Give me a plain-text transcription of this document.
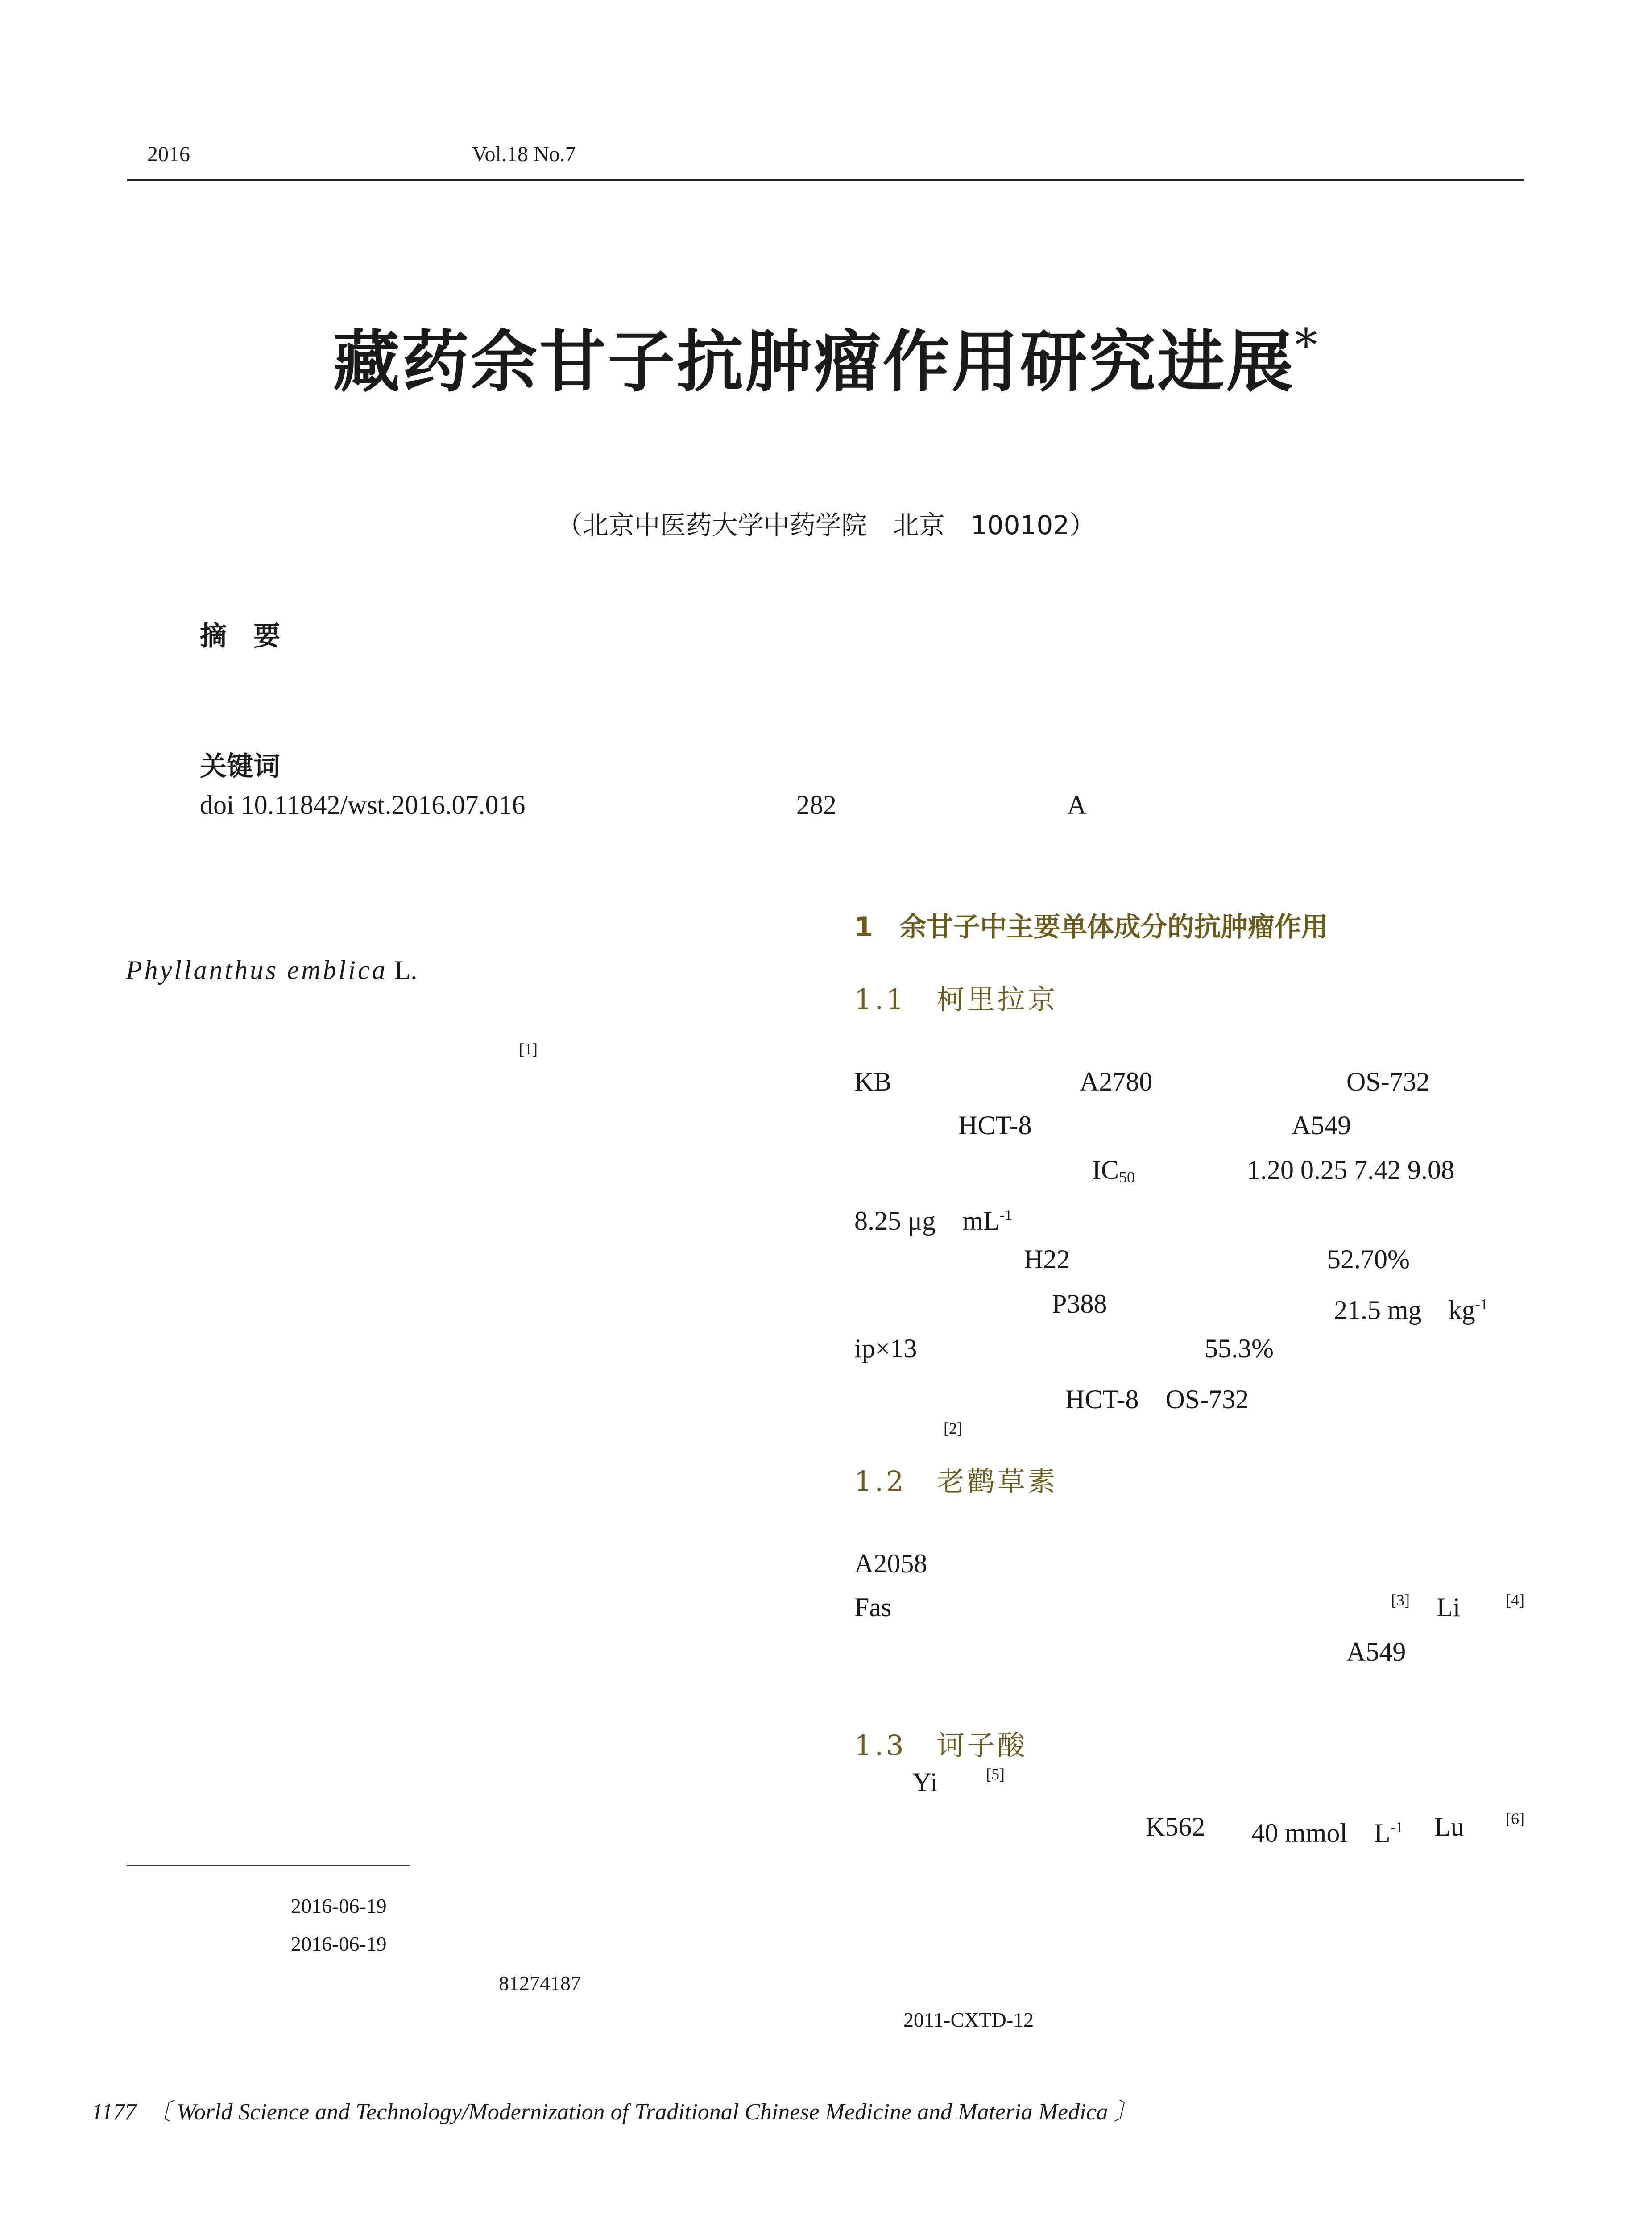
2016	Vol.18 No.7
藏药余甘子抗肿瘤作用研究进展*
（北京中医药大学中药学院　北京　100102）
摘　要
关键词
doi 10.11842/wst.2016.07.016	282	A
Phyllanthus emblica L.
[1]
1　余甘子中主要单体成分的抗肿瘤作用
1.1　柯里拉京
KB	A2780	OS-732
HCT-8	A549
$IC_{50}$	1.20 0.25 7.42 9.08
8.25 μg　$mL^{-1}$
H22	52.70%
P388	21.5 mg　$kg^{-1}$
ip×13	55.3%
HCT-8　OS-732
[2]
1.2　老鹳草素
A2058
Fas	[3] Li	[4]
A549
1.3　诃子酸
Yi	[5]
K562 40 mmol　$L^{-1}$ Lu	[6]
2016-06-19
2016-06-19
81274187
2011-CXTD-12
1177　 〔 World Science and Technology/Modernization of Traditional Chinese Medicine and Materia Medica 〕
